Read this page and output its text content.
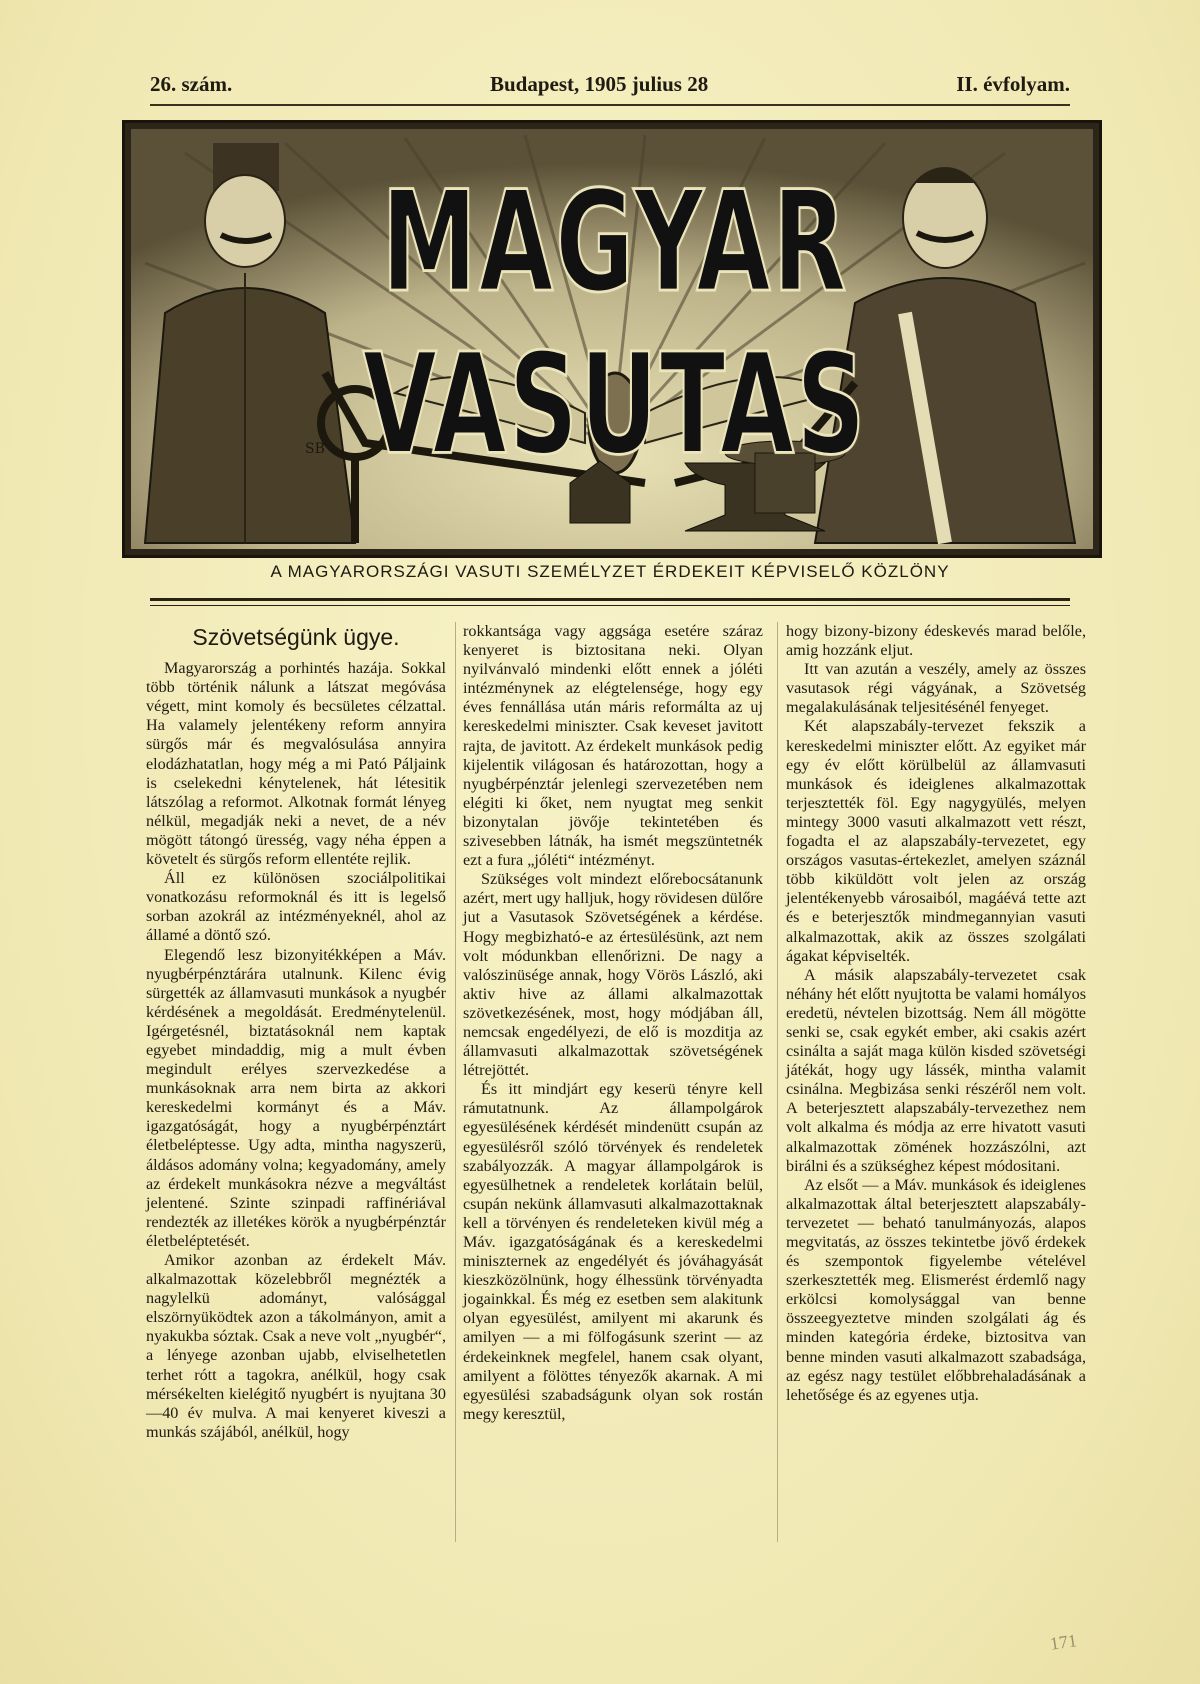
26. szám.	Budapest, 1905 julius 28	II. évfolyam.
SB
MAGYAR VASUTAS
A MAGYARORSZÁGI VASUTI SZEMÉLYZET ÉRDEKEIT KÉPVISELŐ KÖZLÖNY
Szövetségünk ügye.

Magyarország a porhintés hazája. Sokkal több történik nálunk a látszat megóvása végett, mint komoly és becsületes célzattal. Ha valamely jelentékeny reform annyira sürgős már és megvalósulása annyira elodázhatatlan, hogy még a mi Pató Páljaink is cselekedni kénytelenek, hát létesitik látszólag a reformot. Alkotnak formát lényeg nélkül, megadják neki a nevet, de a név mögött tátongó üresség, vagy néha éppen a követelt és sürgős reform ellentéte rejlik.

Áll ez különösen szociálpolitikai vonatkozásu reformoknál és itt is legelső sorban azokrál az intézményeknél, ahol az államé a döntő szó.

Elegendő lesz bizonyitékképen a Máv. nyugbérpénztárára utalnunk. Kilenc évig sürgették az államvasuti munkások a nyugbér kérdésének a megoldását. Eredménytelenül. Igérgetésnél, biztatásoknál nem kaptak egyebet mindaddig, mig a mult évben megindult erélyes szervezkedése a munkásoknak arra nem birta az akkori kereskedelmi kormányt és a Máv. igazgatóságát, hogy a nyugbérpénztárt életbeléptesse. Ugy adta, mintha nagyszerü, áldásos adomány volna; kegyadomány, amely az érdekelt munkásokra nézve a megváltást jelentené. Szinte szinpadi raffinériával rendezték az illetékes körök a nyugbérpénztár életbeléptetését.

Amikor azonban az érdekelt Máv. alkalmazottak közelebbről megnézték a nagylelkü adományt, valósággal elszörnyüködtek azon a tákolmányon, amit a nyakukba sóztak. Csak a neve volt „nyugbér“, a lényege azonban ujabb, elviselhetetlen terhet rótt a tagokra, anélkül, hogy csak mérsékelten kielégitő nyugbért is nyujtana 30—40 év mulva. A mai kenyeret kiveszi a munkás szájából, anélkül, hogy

rokkantsága vagy aggsága esetére száraz kenyeret is biztositana neki. Olyan nyilvánvaló mindenki előtt ennek a jóléti intézménynek az elégtelensége, hogy egy éves fennállása után máris reformálta az uj kereskedelmi miniszter. Csak keveset javitott rajta, de javitott. Az érdekelt munkások pedig kijelentik világosan és határozottan, hogy a nyugbérpénztár jelenlegi szervezetében nem elégiti ki őket, nem nyugtat meg senkit bizonytalan jövője tekintetében és szivesebben látnák, ha ismét megszüntetnék ezt a fura „jóléti“ intézményt.

Szükséges volt mindezt előrebocsátanunk azért, mert ugy halljuk, hogy rövidesen dülőre jut a Vasutasok Szövetségének a kérdése. Hogy megbizható-e az értesülésünk, azt nem volt módunkban ellenőrizni. De nagy a valószinüsége annak, hogy Vörös László, aki aktiv hive az állami alkalmazottak szövetkezésének, most, hogy módjában áll, nemcsak engedélyezi, de elő is mozditja az államvasuti alkalmazottak szövetségének létrejöttét.

És itt mindjárt egy keserü tényre kell rámutatnunk. Az állampolgárok egyesülésének kérdését mindenütt csupán az egyesülésről szóló törvények és rendeletek szabályozzák. A magyar állampolgárok is egyesülhetnek a rendeletek korlátain belül, csupán nekünk államvasuti alkalmazottaknak kell a törvényen és rendeleteken kivül még a Máv. igazgatóságának és a kereskedelmi miniszternek az engedélyét és jóváhagyását kieszközölnünk, hogy élhessünk törvényadta jogainkkal. És még ez esetben sem alakitunk olyan egyesülést, amilyent mi akarunk és amilyen — a mi fölfogásunk szerint — az érdekeinknek megfelel, hanem csak olyant, amilyent a fölöttes tényezők akarnak. A mi egyesülési szabadságunk olyan sok rostán megy keresztül,

hogy bizony-bizony édeskevés marad belőle, amig hozzánk eljut.

Itt van azután a veszély, amely az összes vasutasok régi vágyának, a Szövetség megalakulásának teljesitésénél fenyeget.

Két alapszabály-tervezet fekszik a kereskedelmi miniszter előtt. Az egyiket már egy év előtt körülbelül az államvasuti munkások és ideiglenes alkalmazottak terjesztették föl. Egy nagygyülés, melyen mintegy 3000 vasuti alkalmazott vett részt, fogadta el az alapszabály-tervezetet, egy országos vasutas-értekezlet, amelyen száznál több kiküldött volt jelen az ország jelentékenyebb városaiból, magáévá tette azt és e beterjesztők mindmegannyian vasuti alkalmazottak, akik az összes szolgálati ágakat képviselték.

A másik alapszabály-tervezetet csak néhány hét előtt nyujtotta be valami homályos eredetü, névtelen bizottság. Nem áll mögötte senki se, csak egykét ember, aki csakis azért csinálta a saját maga külön kisded szövetségi játékát, hogy ugy lássék, mintha valamit csinálna. Megbizása senki részéről nem volt. A beterjesztett alapszabály-tervezethez nem volt alkalma és módja az erre hivatott vasuti alkalmazottak zömének hozzászólni, azt birálni és a szükséghez képest módositani.

Az elsőt — a Máv. munkások és ideiglenes alkalmazottak által beterjesztett alapszabály-tervezetet — beható tanulmányozás, alapos megvitatás, az összes tekintetbe jövő érdekek és szempontok figyelembe vételével szerkesztették meg. Elismerést érdemlő nagy erkölcsi komolysággal van benne összeegyeztetve minden szolgálati ág és minden kategória érdeke, biztositva van benne minden vasuti alkalmazott szabadsága, az egész nagy testület előbbrehaladásának a lehetősége és az egyenes utja.

171
